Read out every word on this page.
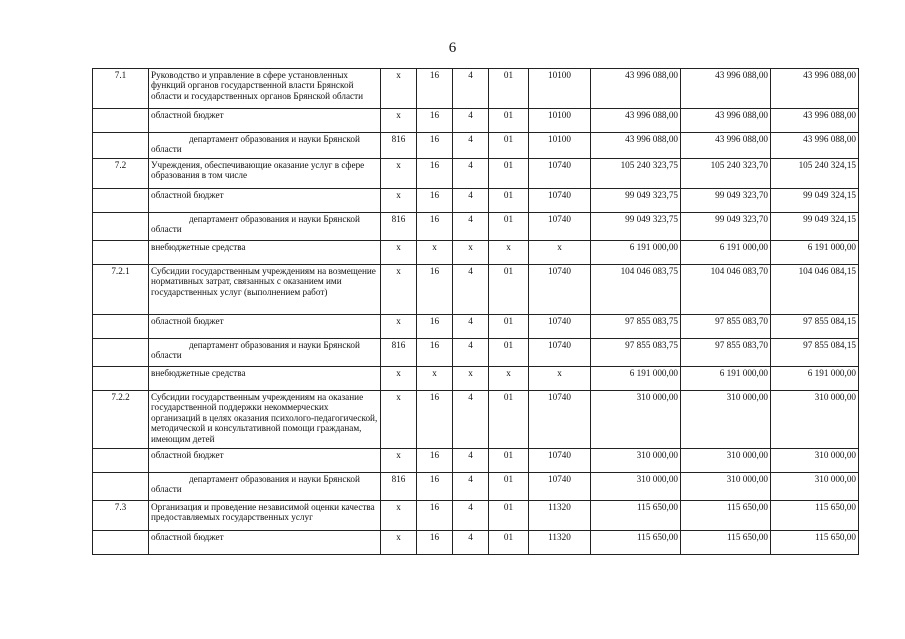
6
7.1	Руководство и управление в сфере установленных функций органов государственной власти Брянской области и государственных органов Брянской области	х	16	4	01	10100	43 996 088,00	43 996 088,00	43 996 088,00
	областной бюджет	х	16	4	01	10100	43 996 088,00	43 996 088,00	43 996 088,00
	департамент образования и науки Брянской области	816	16	4	01	10100	43 996 088,00	43 996 088,00	43 996 088,00
7.2	Учреждения, обеспечивающие оказание услуг в сфере образования в том числе	х	16	4	01	10740	105 240 323,75	105 240 323,70	105 240 324,15
	областной бюджет	х	16	4	01	10740	99 049 323,75	99 049 323,70	99 049 324,15
	департамент образования и науки Брянской области	816	16	4	01	10740	99 049 323,75	99 049 323,70	99 049 324,15
	внебюджетные средства	х	х	х	х	х	6 191 000,00	6 191 000,00	6 191 000,00
7.2.1	Субсидии государственным учреждениям на возмещение нормативных затрат, связанных с оказанием ими государственных услуг (выполнением работ)	х	16	4	01	10740	104 046 083,75	104 046 083,70	104 046 084,15
	областной бюджет	х	16	4	01	10740	97 855 083,75	97 855 083,70	97 855 084,15
	департамент образования и науки Брянской области	816	16	4	01	10740	97 855 083,75	97 855 083,70	97 855 084,15
	внебюджетные средства	х	х	х	х	х	6 191 000,00	6 191 000,00	6 191 000,00
7.2.2	Субсидии государственным учреждениям на оказание государственной поддержки некоммерческих организаций в целях оказания психолого-педагогической, методической и консультативной помощи гражданам, имеющим детей	х	16	4	01	10740	310 000,00	310 000,00	310 000,00
	областной бюджет	х	16	4	01	10740	310 000,00	310 000,00	310 000,00
	департамент образования и науки Брянской области	816	16	4	01	10740	310 000,00	310 000,00	310 000,00
7.3	Организация и проведение независимой оценки качества предоставляемых государственных услуг	х	16	4	01	11320	115 650,00	115 650,00	115 650,00
	областной бюджет	х	16	4	01	11320	115 650,00	115 650,00	115 650,00
